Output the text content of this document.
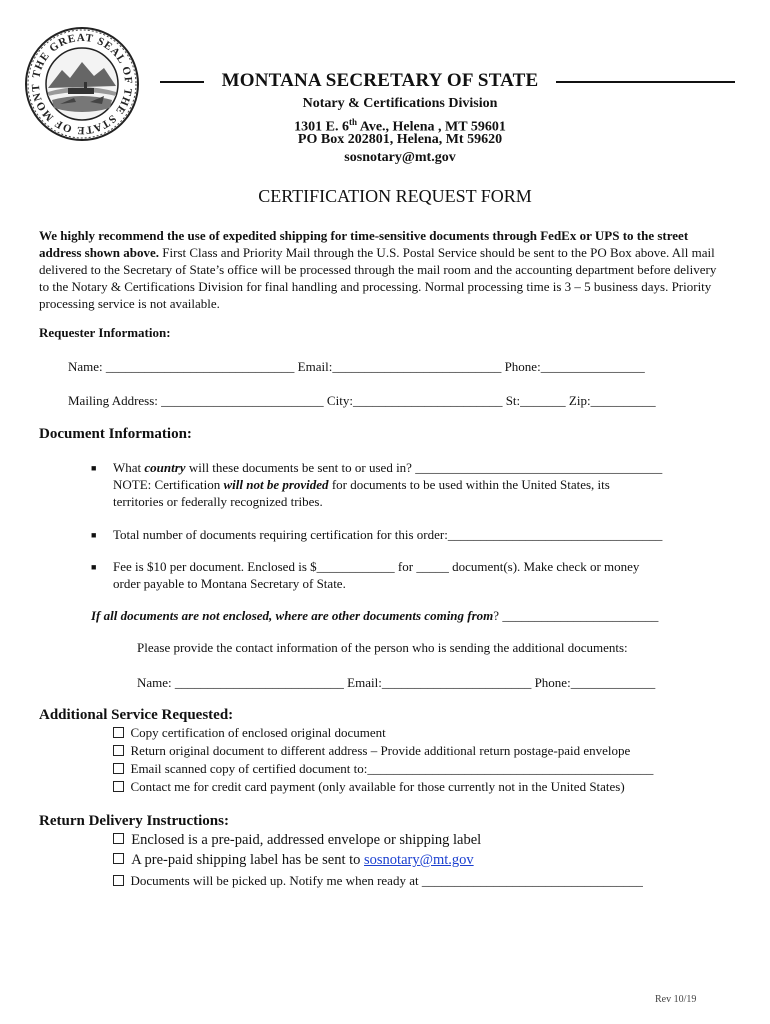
THE GREAT SEAL OF THE STATE OF MONT	MONTANA SECRETARY OF STATE
Notary & Certifications Division
1301 E. 6th Ave., Helena , MT 59601
PO Box 202801, Helena, Mt 59620
sosnotary@mt.gov
CERTIFICATION REQUEST FORM
We highly recommend the use of expedited shipping for time-sensitive documents through FedEx or UPS to the street address shown above. First Class and Priority Mail through the U.S. Postal Service should be sent to the PO Box above. All mail delivered to the Secretary of State’s office will be processed through the mail room and the accounting department before delivery to the Notary & Certifications Division for final handling and processing. Normal processing time is 3 – 5 business days. Priority processing service is not available.
Requester Information:
Name: _____________________________ Email:__________________________ Phone:________________
Mailing Address: _________________________ City:_______________________ St:_______ Zip:__________
Document Information:
■ What country will these documents be sent to or used in? ______________________________________
NOTE: Certification will not be provided for documents to be used within the United States, its
territories or federally recognized tribes.
■ Total number of documents requiring certification for this order:_________________________________
■ Fee is $10 per document. Enclosed is $____________ for _____ document(s). Make check or money
order payable to Montana Secretary of State.
If all documents are not enclosed, where are other documents coming from? ________________________
Please provide the contact information of the person who is sending the additional documents:
Name: __________________________ Email:_______________________ Phone:_____________
Additional Service Requested:
Copy certification of enclosed original document
Return original document to different address – Provide additional return postage-paid envelope
Email scanned copy of certified document to:____________________________________________
Contact me for credit card payment (only available for those currently not in the United States)
Return Delivery Instructions:
Enclosed is a pre-paid, addressed envelope or shipping label
A pre-paid shipping label has be sent to sosnotary@mt.gov
Documents will be picked up. Notify me when ready at __________________________________
Rev 10/19
